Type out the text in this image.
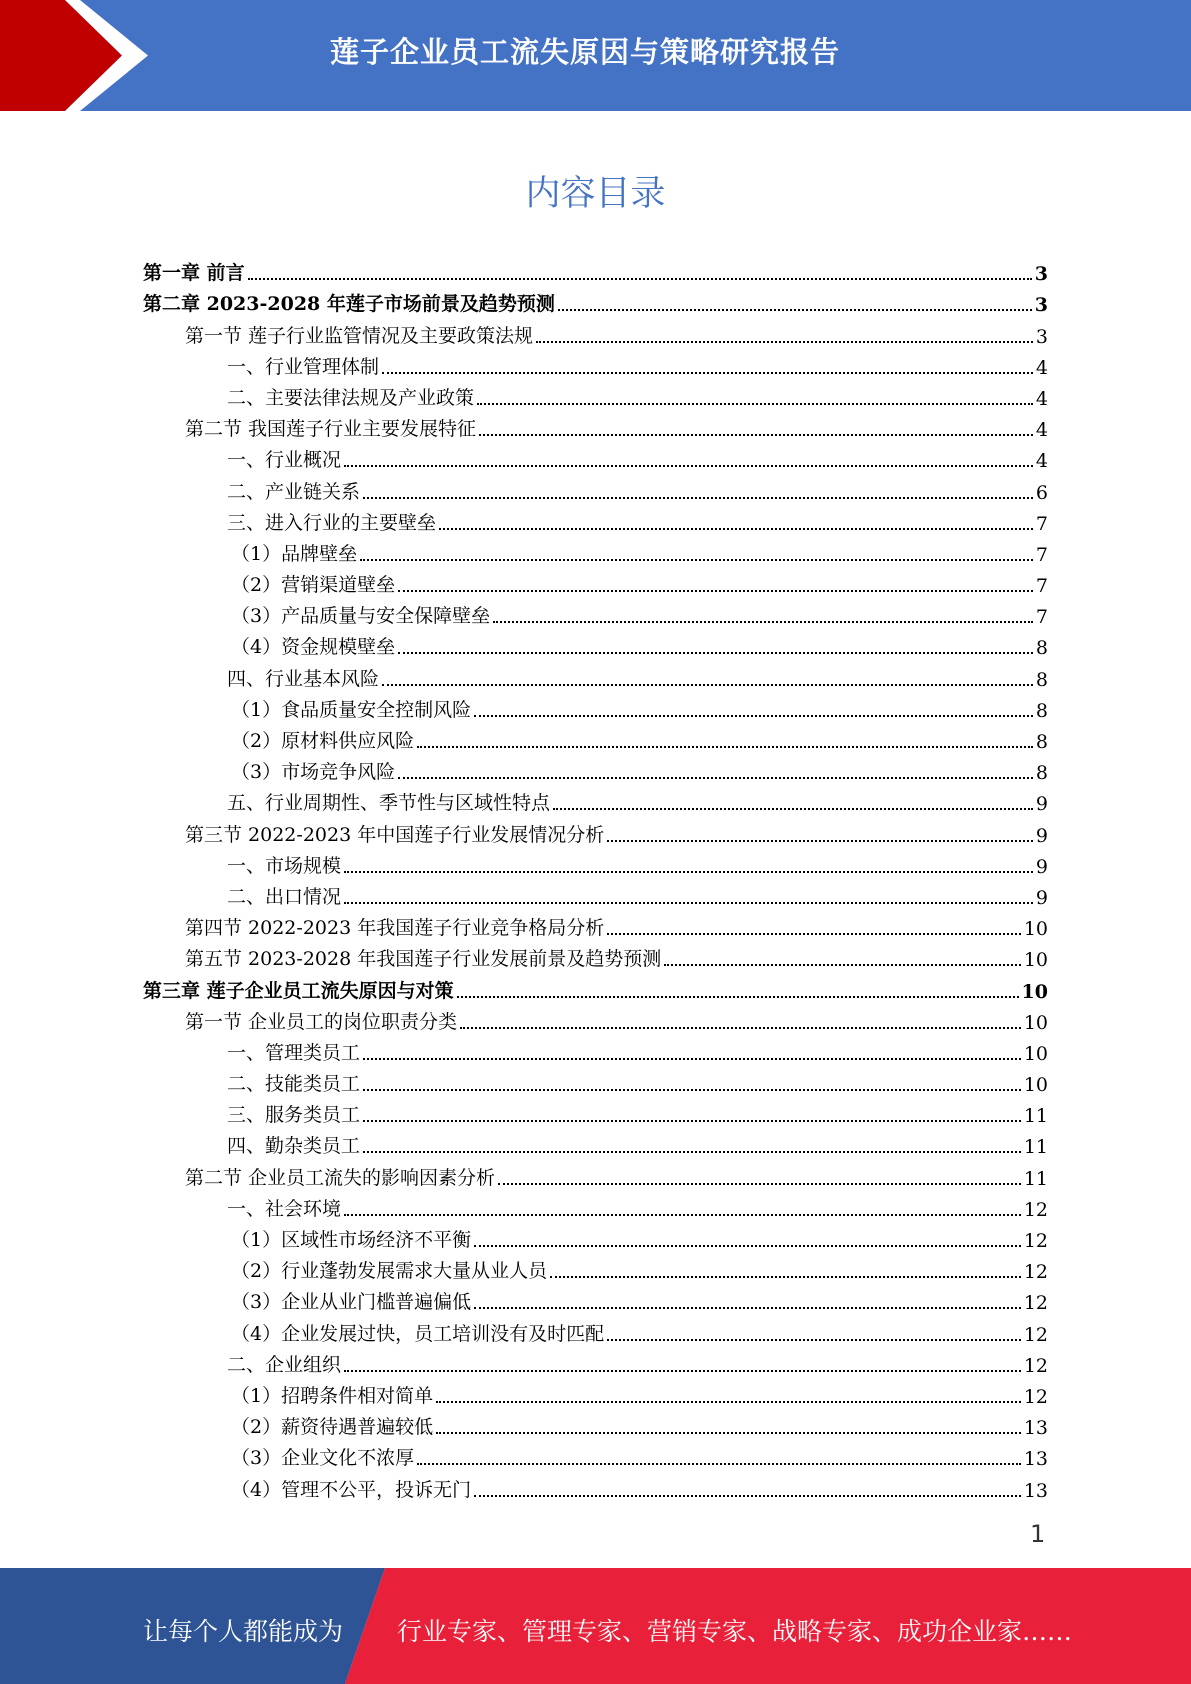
莲子企业员工流失原因与策略研究报告
内容目录
第一章 前言	3
第二章 2023-2028 年莲子市场前景及趋势预测	3
第一节 莲子行业监管情况及主要政策法规	3
一、行业管理体制	4
二、主要法律法规及产业政策	4
第二节 我国莲子行业主要发展特征	4
一、行业概况	4
二、产业链关系	6
三、进入行业的主要壁垒	7
（1）品牌壁垒	7
（2）营销渠道壁垒	7
（3）产品质量与安全保障壁垒	7
（4）资金规模壁垒	8
四、行业基本风险	8
（1）食品质量安全控制风险	8
（2）原材料供应风险	8
（3）市场竞争风险	8
五、行业周期性、季节性与区域性特点	9
第三节 2022-2023 年中国莲子行业发展情况分析	9
一、市场规模	9
二、出口情况	9
第四节 2022-2023 年我国莲子行业竞争格局分析	10
第五节 2023-2028 年我国莲子行业发展前景及趋势预测	10
第三章 莲子企业员工流失原因与对策	10
第一节 企业员工的岗位职责分类	10
一、管理类员工	10
二、技能类员工	10
三、服务类员工	11
四、勤杂类员工	11
第二节 企业员工流失的影响因素分析	11
一、社会环境	12
（1）区域性市场经济不平衡	12
（2）行业蓬勃发展需求大量从业人员	12
（3）企业从业门槛普遍偏低	12
（4）企业发展过快，员工培训没有及时匹配	12
二、企业组织	12
（1）招聘条件相对简单	12
（2）薪资待遇普遍较低	13
（3）企业文化不浓厚	13
（4）管理不公平，投诉无门	13
1
让每个人都能成为 行业专家、管理专家、营销专家、战略专家、成功企业家……
